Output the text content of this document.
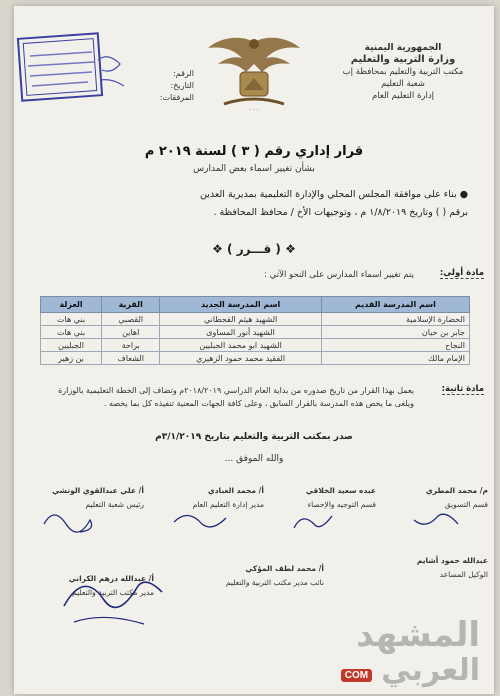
الرقم:
التاريخ:
المرفقات:
· · ·
الجمهورية اليمنية
وزارة التربية والتعليم
مكتب التربية والتعليم بمحافظة إب
شعبة التعليم
إدارة التعليم العام
قرار إداري رقم ( ٣ ) لسنة ٢٠١٩ م
بشأن تغيير اسماء بعض المدارس
● بناء على موافقة المجلس المحلي والإدارة التعليمية بمديرية العدين
برقم ( ) وتاريخ ١/٨/٢٠١٩ م ، وتوجيهات الأخ / محافظ المحافظة .
❖ ( قـــرر ) ❖
مادة أولى:
يتم تغيير اسماء المدارس على النحو الآتي :
اسم المدرسة القديم	اسم المدرسة الجديد	القرية	العزلة
الحضارة الإسلامية	الشهيد هيثم القحطاني	القصبي	بني هات
جابر بن حيان	الشهيد أنور المساوى	اهاين	بني هات
النجاح	الشهيد ابو محمد الجبليين	براحة	الجبليين
الإمام مالك	الفقيد محمد حمود الزهيري	الشعاف	بن زهير
مادة ثانية:
يعمل بهذا القرار من تاريخ صدوره من بداية العام الدراسي ٢٠١٨/٢٠١٩م وتضاف إلى الخطة التعليمية بالوزارة ويلغى ما يخص هذه المدرسة بالقرار السابق ، وعلى كافة الجهات المعنية تنفيذه كل بما يخصه .
صدر بمكتب التربية والتعليم بتاريخ ٣/١/٢٠١٩م
والله الموفق ...
م/ محمد المطري
قسم التسويق
عبده سعيد الخلاقي
قسم التوجيه والإحصاء
أ/ محمد العبادي
مدير إدارة التعليم العام
أ/ علي عبدالقوي الوتشي
رئيس شعبة التعليم
عبدالله حمود أشايم
الوكيل المساعد
أ/ محمد لطف المؤكي
نائب مدير مكتب التربية والتعليم
أ/ عبدالله درهم الكراني
مدير مكتب التربية والتعليم
المشهد
COM العربي
